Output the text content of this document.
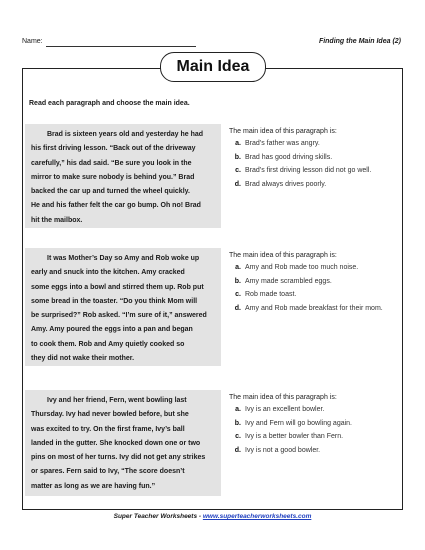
Name:	Finding the Main Idea (2)
Main Idea
Read each paragraph and choose the main idea.
Brad is sixteen years old and yesterday he had
his first driving lesson. “Back out of the driveway
carefully,” his dad said. “Be sure you look in the
mirror to make sure nobody is behind you.” Brad
backed the car up and turned the wheel quickly.
He and his father felt the car go bump. Oh no! Brad
hit the mailbox.
The main idea of this paragraph is:
a. Brad’s father was angry.
b. Brad has good driving skills.
c. Brad’s first driving lesson did not go well.
d. Brad always drives poorly.
It was Mother’s Day so Amy and Rob woke up
early and snuck into the kitchen. Amy cracked
some eggs into a bowl and stirred them up. Rob put
some bread in the toaster. “Do you think Mom will
be surprised?” Rob asked. “I’m sure of it,” answered
Amy. Amy poured the eggs into a pan and began
to cook them. Rob and Amy quietly cooked so
they did not wake their mother.
The main idea of this paragraph is:
a. Amy and Rob made too much noise.
b. Amy made scrambled eggs.
c. Rob made toast.
d. Amy and Rob made breakfast for their mom.
Ivy and her friend, Fern, went bowling last
Thursday. Ivy had never bowled before, but she
was excited to try. On the first frame, Ivy’s ball
landed in the gutter. She knocked down one or two
pins on most of her turns. Ivy did not get any strikes
or spares. Fern said to Ivy, “The score doesn’t
matter as long as we are having fun.”
The main idea of this paragraph is:
a. Ivy is an excellent bowler.
b. Ivy and Fern will go bowling again.
c. Ivy is a better bowler than Fern.
d. Ivy is not a good bowler.
Super Teacher Worksheets - www.superteacherworksheets.com
